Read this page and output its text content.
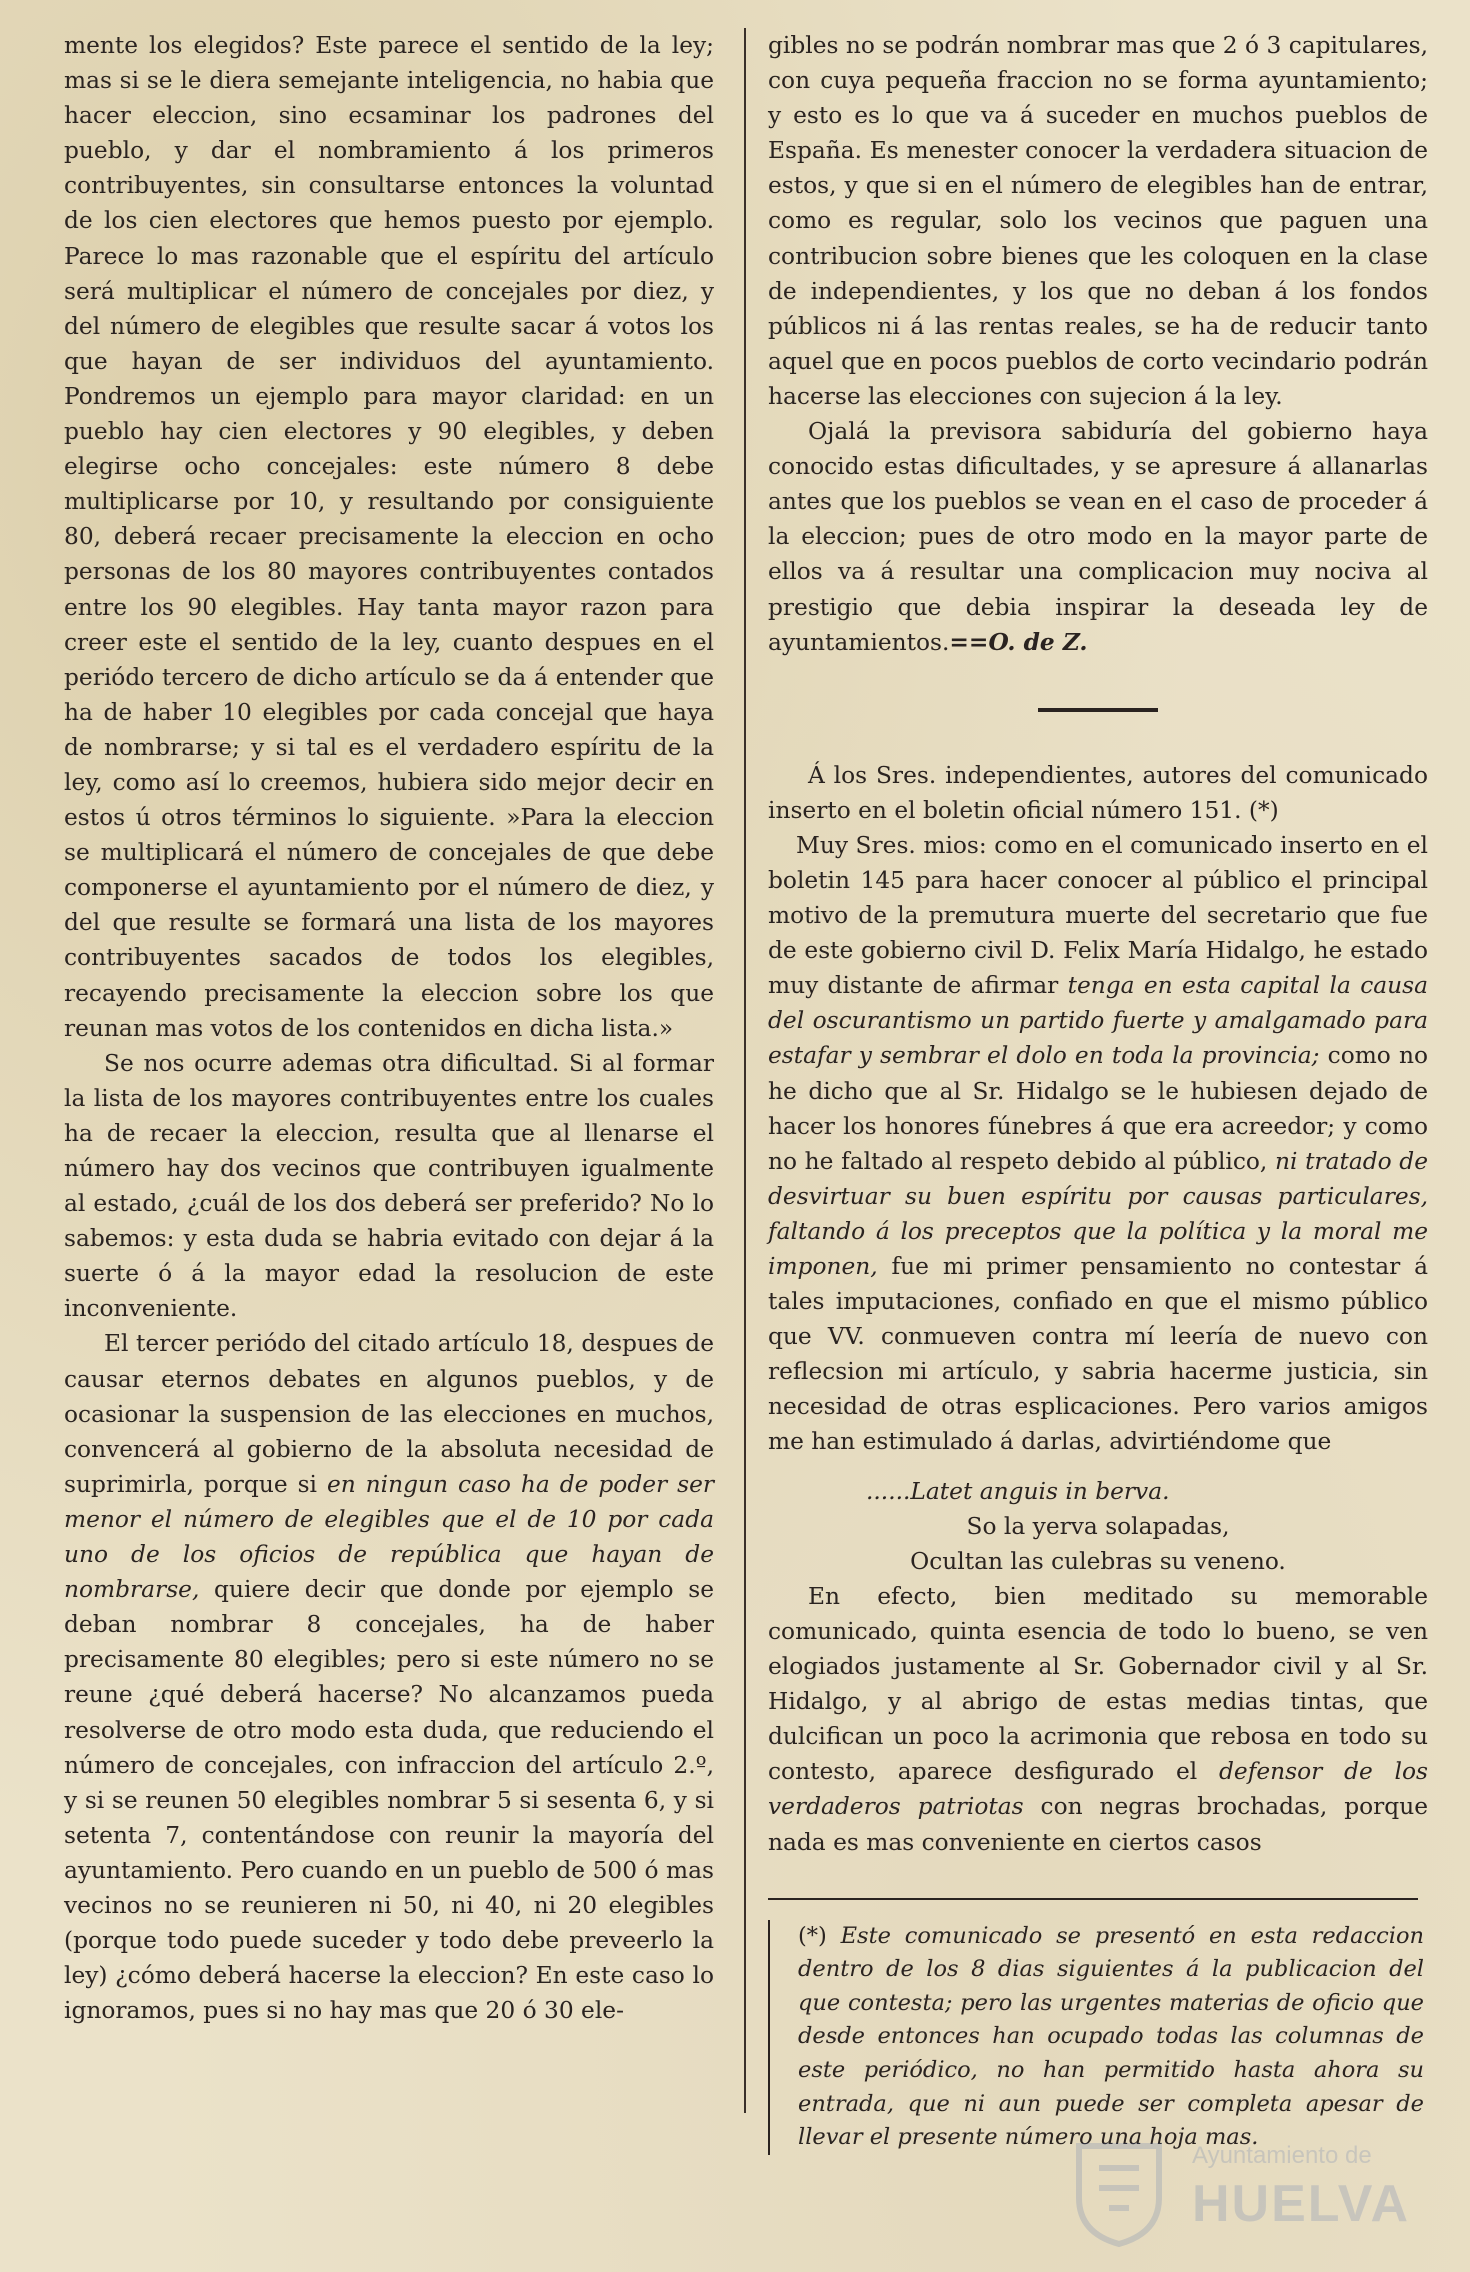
mente los elegidos? Este parece el sentido de la ley; mas si se le diera semejante inteligencia, no habia que hacer eleccion, sino ecsaminar los padrones del pueblo, y dar el nombramiento á los primeros contribuyentes, sin consultarse entonces la voluntad de los cien electores que hemos puesto por ejemplo. Parece lo mas razonable que el espíritu del artículo será multiplicar el número de concejales por diez, y del número de elegibles que resulte sacar á votos los que hayan de ser individuos del ayuntamiento. Pondremos un ejemplo para mayor claridad: en un pueblo hay cien electores y 90 elegibles, y deben elegirse ocho concejales: este número 8 debe multiplicarse por 10, y resultando por consiguiente 80, deberá recaer precisamente la eleccion en ocho personas de los 80 mayores contribuyentes contados entre los 90 elegibles. Hay tanta mayor razon para creer este el sentido de la ley, cuanto despues en el periódo tercero de dicho artículo se da á entender que ha de haber 10 elegibles por cada concejal que haya de nombrarse; y si tal es el verdadero espíritu de la ley, como así lo creemos, hubiera sido mejor decir en estos ú otros términos lo siguiente. »Para la eleccion se multiplicará el número de concejales de que debe componerse el ayuntamiento por el número de diez, y del que resulte se formará una lista de los mayores contribuyentes sacados de todos los elegibles, recayendo precisamente la eleccion sobre los que reunan mas votos de los contenidos en dicha lista.»

Se nos ocurre ademas otra dificultad. Si al formar la lista de los mayores contribuyentes entre los cuales ha de recaer la eleccion, resulta que al llenarse el número hay dos vecinos que contribuyen igualmente al estado, ¿cuál de los dos deberá ser preferido? No lo sabemos: y esta duda se habria evitado con dejar á la suerte ó á la mayor edad la resolucion de este inconveniente.

El tercer periódo del citado artículo 18, despues de causar eternos debates en algunos pueblos, y de ocasionar la suspension de las elecciones en muchos, convencerá al gobierno de la absoluta necesidad de suprimirla, porque si en ningun caso ha de poder ser menor el número de elegibles que el de 10 por cada uno de los oficios de república que hayan de nombrarse, quiere decir que donde por ejemplo se deban nombrar 8 concejales, ha de haber precisamente 80 elegibles; pero si este número no se reune ¿qué deberá hacerse? No alcanzamos pueda resolverse de otro modo esta duda, que reduciendo el número de concejales, con infraccion del artículo 2.º, y si se reunen 50 elegibles nombrar 5 si sesenta 6, y si setenta 7, contentándose con reunir la mayoría del ayuntamiento. Pero cuando en un pueblo de 500 ó mas vecinos no se reunieren ni 50, ni 40, ni 20 elegibles (porque todo puede suceder y todo debe preveerlo la ley) ¿cómo deberá hacerse la eleccion? En este caso lo ignoramos, pues si no hay mas que 20 ó 30 ele-

gibles no se podrán nombrar mas que 2 ó 3 capitulares, con cuya pequeña fraccion no se forma ayuntamiento; y esto es lo que va á suceder en muchos pueblos de España. Es menester conocer la verdadera situacion de estos, y que si en el número de elegibles han de entrar, como es regular, solo los vecinos que paguen una contribucion sobre bienes que les coloquen en la clase de independientes, y los que no deban á los fondos públicos ni á las rentas reales, se ha de reducir tanto aquel que en pocos pueblos de corto vecindario podrán hacerse las elecciones con sujecion á la ley.

Ojalá la previsora sabiduría del gobierno haya conocido estas dificultades, y se apresure á allanarlas antes que los pueblos se vean en el caso de proceder á la eleccion; pues de otro modo en la mayor parte de ellos va á resultar una complicacion muy nociva al prestigio que debia inspirar la deseada ley de ayuntamientos.==O. de Z.

Á los Sres. independientes, autores del comunicado inserto en el boletin oficial número 151. (*)

Muy Sres. mios: como en el comunicado inserto en el boletin 145 para hacer conocer al público el principal motivo de la premutura muerte del secretario que fue de este gobierno civil D. Felix María Hidalgo, he estado muy distante de afirmar tenga en esta capital la causa del oscurantismo un partido fuerte y amalgamado para estafar y sembrar el dolo en toda la provincia; como no he dicho que al Sr. Hidalgo se le hubiesen dejado de hacer los honores fúnebres á que era acreedor; y como no he faltado al respeto debido al público, ni tratado de desvirtuar su buen espíritu por causas particulares, faltando á los preceptos que la política y la moral me imponen, fue mi primer pensamiento no contestar á tales imputaciones, confiado en que el mismo público que VV. conmueven contra mí leería de nuevo con reflecsion mi artículo, y sabria hacerme justicia, sin necesidad de otras esplicaciones. Pero varios amigos me han estimulado á darlas, advirtiéndome que

......Latet anguis in berva.

So la yerva solapadas,

Ocultan las culebras su veneno.

En efecto, bien meditado su memorable comunicado, quinta esencia de todo lo bueno, se ven elogiados justamente al Sr. Gobernador civil y al Sr. Hidalgo, y al abrigo de estas medias tintas, que dulcifican un poco la acrimonia que rebosa en todo su contesto, aparece desfigurado el defensor de los verdaderos patriotas con negras brochadas, porque nada es mas conveniente en ciertos casos

(*) Este comunicado se presentó en esta redaccion dentro de los 8 dias siguientes á la publicacion del que contesta; pero las urgentes materias de oficio que desde entonces han ocupado todas las columnas de este periódico, no han permitido hasta ahora su entrada, que ni aun puede ser completa apesar de llevar el presente número una hoja mas.

Ayuntamiento de
HUELVA
